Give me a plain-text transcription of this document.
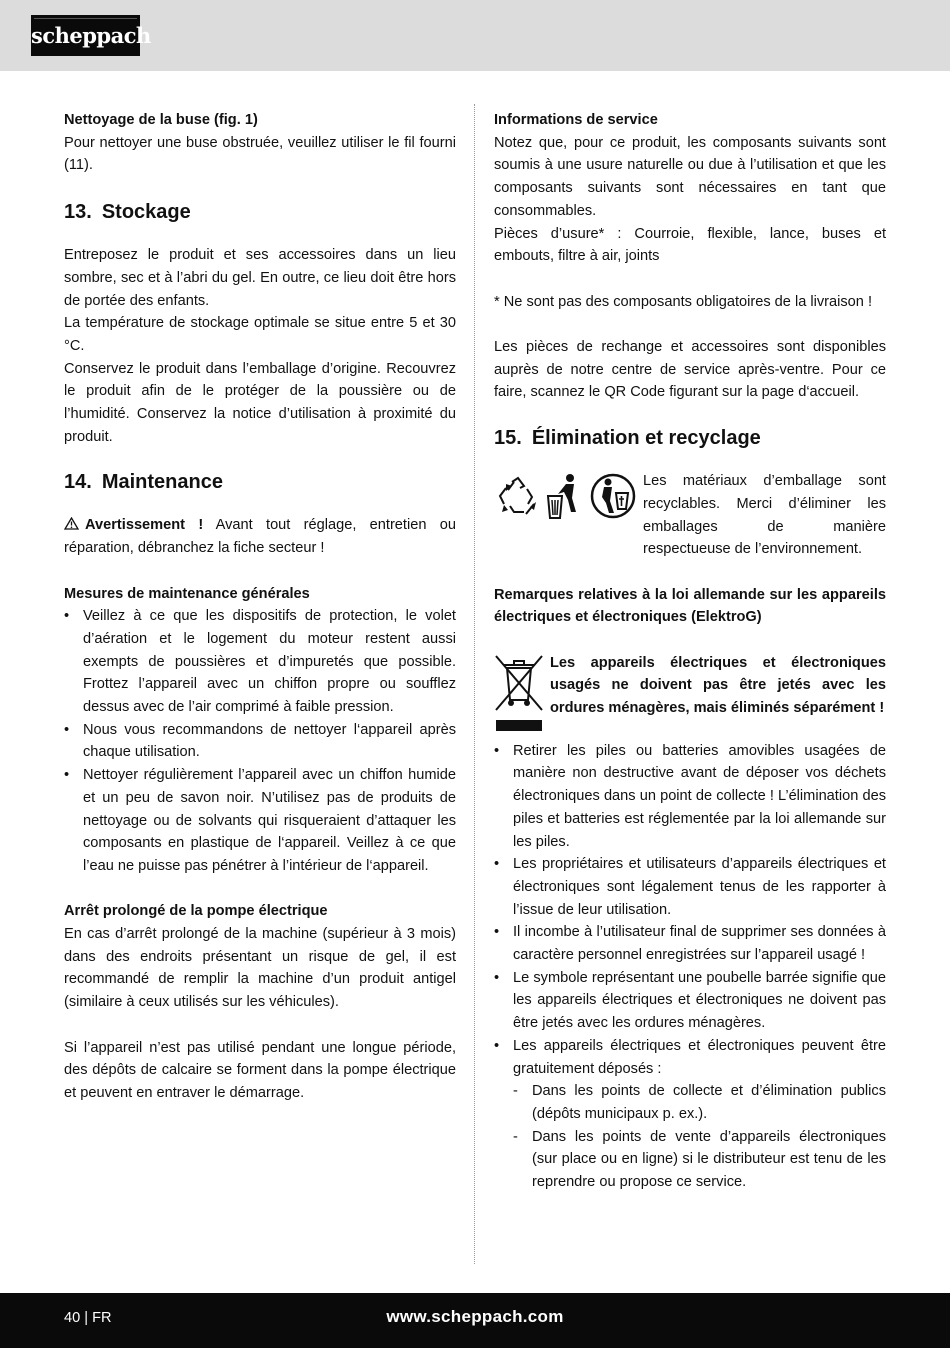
scheppach

Nettoyage de la buse (fig. 1)

Pour nettoyer une buse obstruée, veuillez utiliser le fil fourni (11).

13. Stockage

Entreposez le produit et ses accessoires dans un lieu sombre, sec et à l’abri du gel. En outre, ce lieu doit être hors de portée des enfants.

La température de stockage optimale se situe entre 5 et 30 °C.

Conservez le produit dans l’emballage d’origine. Recouvrez le produit afin de le protéger de la poussière ou de l’humidité. Conservez la notice d’utilisation à proximité du produit.

14. Maintenance

Avertissement ! Avant tout réglage, entretien ou réparation, débranchez la fiche secteur !

Mesures de maintenance générales

• Veillez à ce que les dispositifs de protection, le volet d’aération et le logement du moteur restent aussi exempts de poussières et d’impuretés que possible. Frottez l’appareil avec un chiffon propre ou soufflez dessus avec de l’air comprimé à faible pression.
• Nous vous recommandons de nettoyer l‘appareil après chaque utilisation.
• Nettoyer régulièrement l’appareil avec un chiffon humide et un peu de savon noir. N’utilisez pas de produits de nettoyage ou de solvants qui risqueraient d’attaquer les composants en plastique de l‘appareil. Veillez à ce que l’eau ne puisse pas pénétrer à l’intérieur de l‘appareil.

Arrêt prolongé de la pompe électrique

En cas d’arrêt prolongé de la machine (supérieur à 3 mois) dans des endroits présentant un risque de gel, il est recommandé de remplir la machine d’un produit antigel (similaire à ceux utilisés sur les véhicules).

Si l’appareil n’est pas utilisé pendant une longue période, des dépôts de calcaire se forment dans la pompe électrique et peuvent en entraver le démarrage.

Informations de service

Notez que, pour ce produit, les composants suivants sont soumis à une usure naturelle ou due à l’utilisation et que les composants suivants sont nécessaires en tant que consommables.

Pièces d’usure* : Courroie, flexible, lance, buses et embouts, filtre à air, joints

* Ne sont pas des composants obligatoires de la livraison !

Les pièces de rechange et accessoires sont disponibles auprès de notre centre de service après-ventre. Pour ce faire, scannez le QR Code figurant sur la page d‘accueil.

15. Élimination et recyclage

Les matériaux d’emballage sont recyclables. Merci d’éliminer les emballages de manière respectueuse de l’environnement.

Remarques relatives à la loi allemande sur les appareils électriques et électroniques (ElektroG)

Les appareils électriques et électroniques usagés ne doivent pas être jetés avec les ordures ménagères, mais éliminés séparément !

• Retirer les piles ou batteries amovibles usagées de manière non destructive avant de déposer vos déchets électroniques dans un point de collecte ! L’élimination des piles et batteries est réglementée par la loi allemande sur les piles.
• Les propriétaires et utilisateurs d’appareils électriques et électroniques sont légalement tenus de les rapporter à l’issue de leur utilisation.
• Il incombe à l’utilisateur final de supprimer ses données à caractère personnel enregistrées sur l’appareil usagé !
• Le symbole représentant une poubelle barrée signifie que les appareils électriques et électroniques ne doivent pas être jetés avec les ordures ménagères.
• Les appareils électriques et électroniques peuvent être gratuitement déposés :
- Dans les points de collecte et d’élimination publics (dépôts municipaux p. ex.).
- Dans les points de vente d’appareils électroniques (sur place ou en ligne) si le distributeur est tenu de les reprendre ou propose ce service.
40 | FR	www.scheppach.com
